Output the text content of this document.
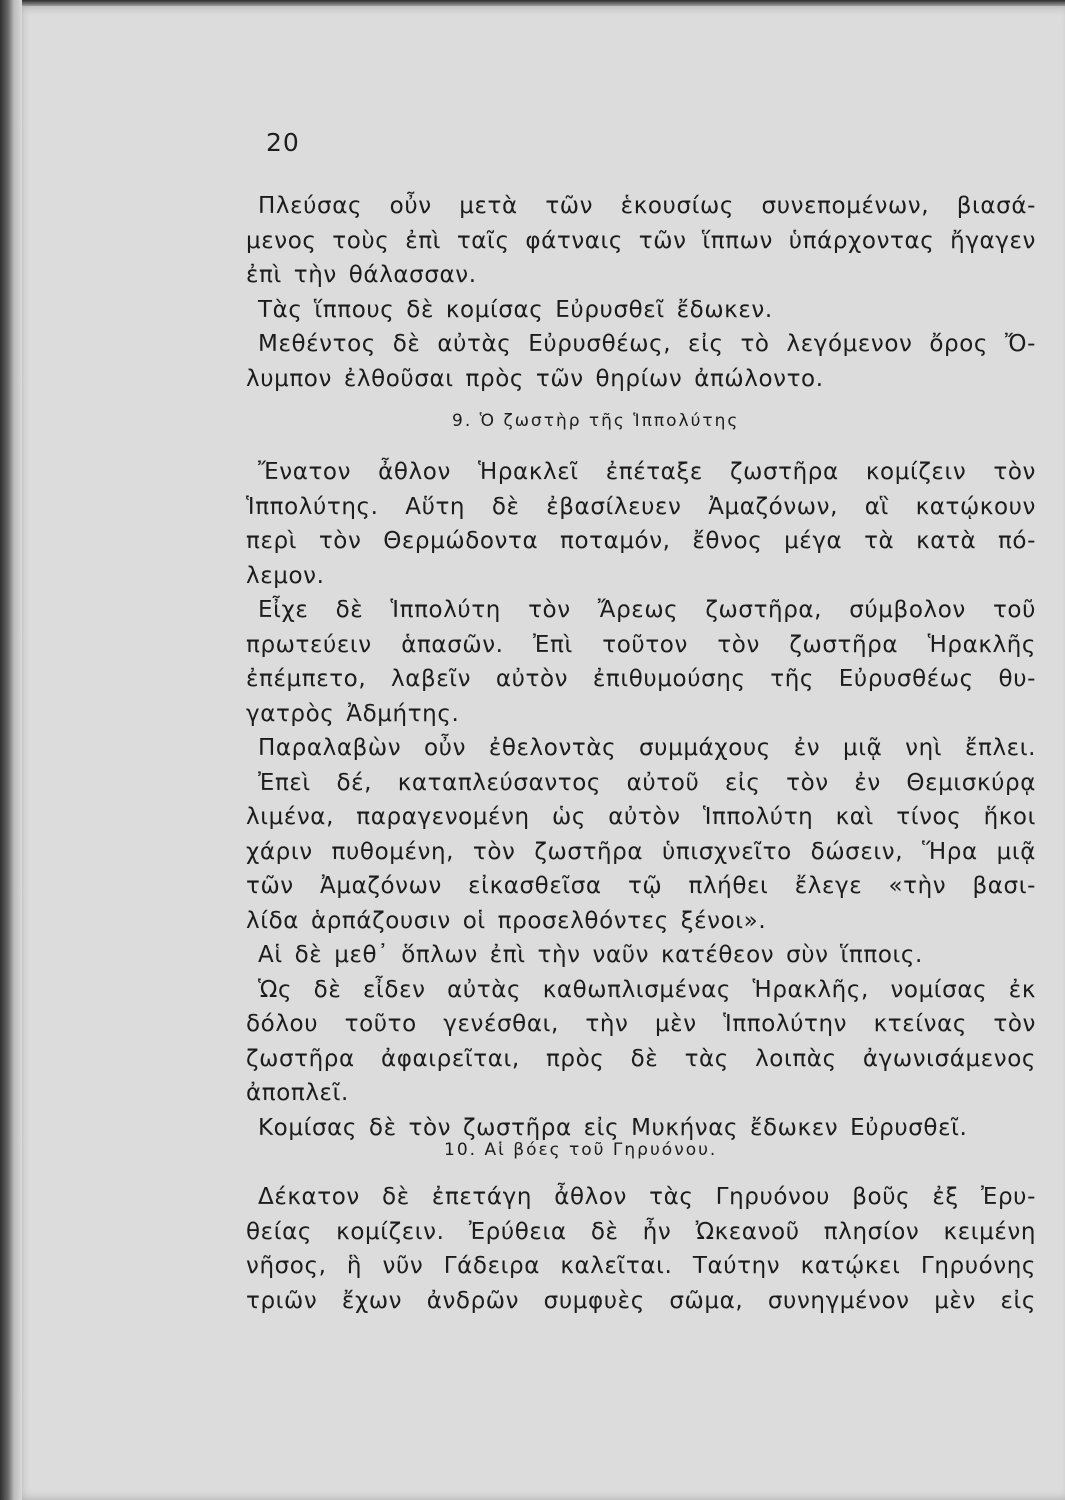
20
Πλεύσας οὖν μετὰ τῶν ἑκουσίως συνεπομένων, βιασά-
μενος τοὺς ἐπὶ ταῖς φάτναις τῶν ἵππων ὑπάρχοντας ἤγαγεν
ἐπὶ τὴν θάλασσαν.
Τὰς ἵππους δὲ κομίσας Εὐρυσθεῖ ἔδωκεν.
Μεθέντος δὲ αὐτὰς Εὐρυσθέως, εἰς τὸ λεγόμενον ὄρος Ὄ-
λυμπον ἐλθοῦσαι πρὸς τῶν θηρίων ἀπώλοντο.
9. Ὁ ζωστὴρ τῆς Ἱππολύτης
Ἔνατον ἆθλον Ἡρακλεῖ ἐπέταξε ζωστῆρα κομίζειν τὸν
Ἱππολύτης. Αὕτη δὲ ἐβασίλευεν Ἀμαζόνων, αἳ κατῴκουν
περὶ τὸν Θερμώδοντα ποταμόν, ἔθνος μέγα τὰ κατὰ πό-
λεμον.
Εἶχε δὲ Ἱππολύτη τὸν Ἄρεως ζωστῆρα, σύμβολον τοῦ
πρωτεύειν ἁπασῶν. Ἐπὶ τοῦτον τὸν ζωστῆρα Ἡρακλῆς
ἐπέμπετο, λαβεῖν αὐτὸν ἐπιθυμούσης τῆς Εὐρυσθέως θυ-
γατρὸς Ἀδμήτης.
Παραλαβὼν οὖν ἐθελοντὰς συμμάχους ἐν μιᾷ νηὶ ἔπλει.
Ἐπεὶ δέ, καταπλεύσαντος αὐτοῦ εἰς τὸν ἐν Θεμισκύρᾳ
λιμένα, παραγενομένη ὡς αὐτὸν Ἱππολύτη καὶ τίνος ἥκοι
χάριν πυθομένη, τὸν ζωστῆρα ὑπισχνεῖτο δώσειν, Ἥρα μιᾷ
τῶν Ἀμαζόνων εἰκασθεῖσα τῷ πλήθει ἔλεγε «τὴν βασι-
λίδα ἁρπάζουσιν οἱ προσελθόντες ξένοι».
Αἱ δὲ μεθ᾽ ὅπλων ἐπὶ τὴν ναῦν κατέθεον σὺν ἵπποις.
Ὡς δὲ εἶδεν αὐτὰς καθωπλισμένας Ἡρακλῆς, νομίσας ἐκ
δόλου τοῦτο γενέσθαι, τὴν μὲν Ἱππολύτην κτείνας τὸν
ζωστῆρα ἀφαιρεῖται, πρὸς δὲ τὰς λοιπὰς ἀγωνισάμενος
ἀποπλεῖ.
Κομίσας δὲ τὸν ζωστῆρα εἰς Μυκήνας ἔδωκεν Εὐρυσθεῖ.
10. Αἱ βόες τοῦ Γηρυόνου.
Δέκατον δὲ ἐπετάγη ἆθλον τὰς Γηρυόνου βοῦς ἐξ Ἐρυ-
θείας κομίζειν. Ἐρύθεια δὲ ἦν Ὠκεανοῦ πλησίον κειμένη
νῆσος, ἣ νῦν Γάδειρα καλεῖται. Ταύτην κατῴκει Γηρυόνης
τριῶν ἔχων ἀνδρῶν συμφυὲς σῶμα, συνηγμένον μὲν εἰς
